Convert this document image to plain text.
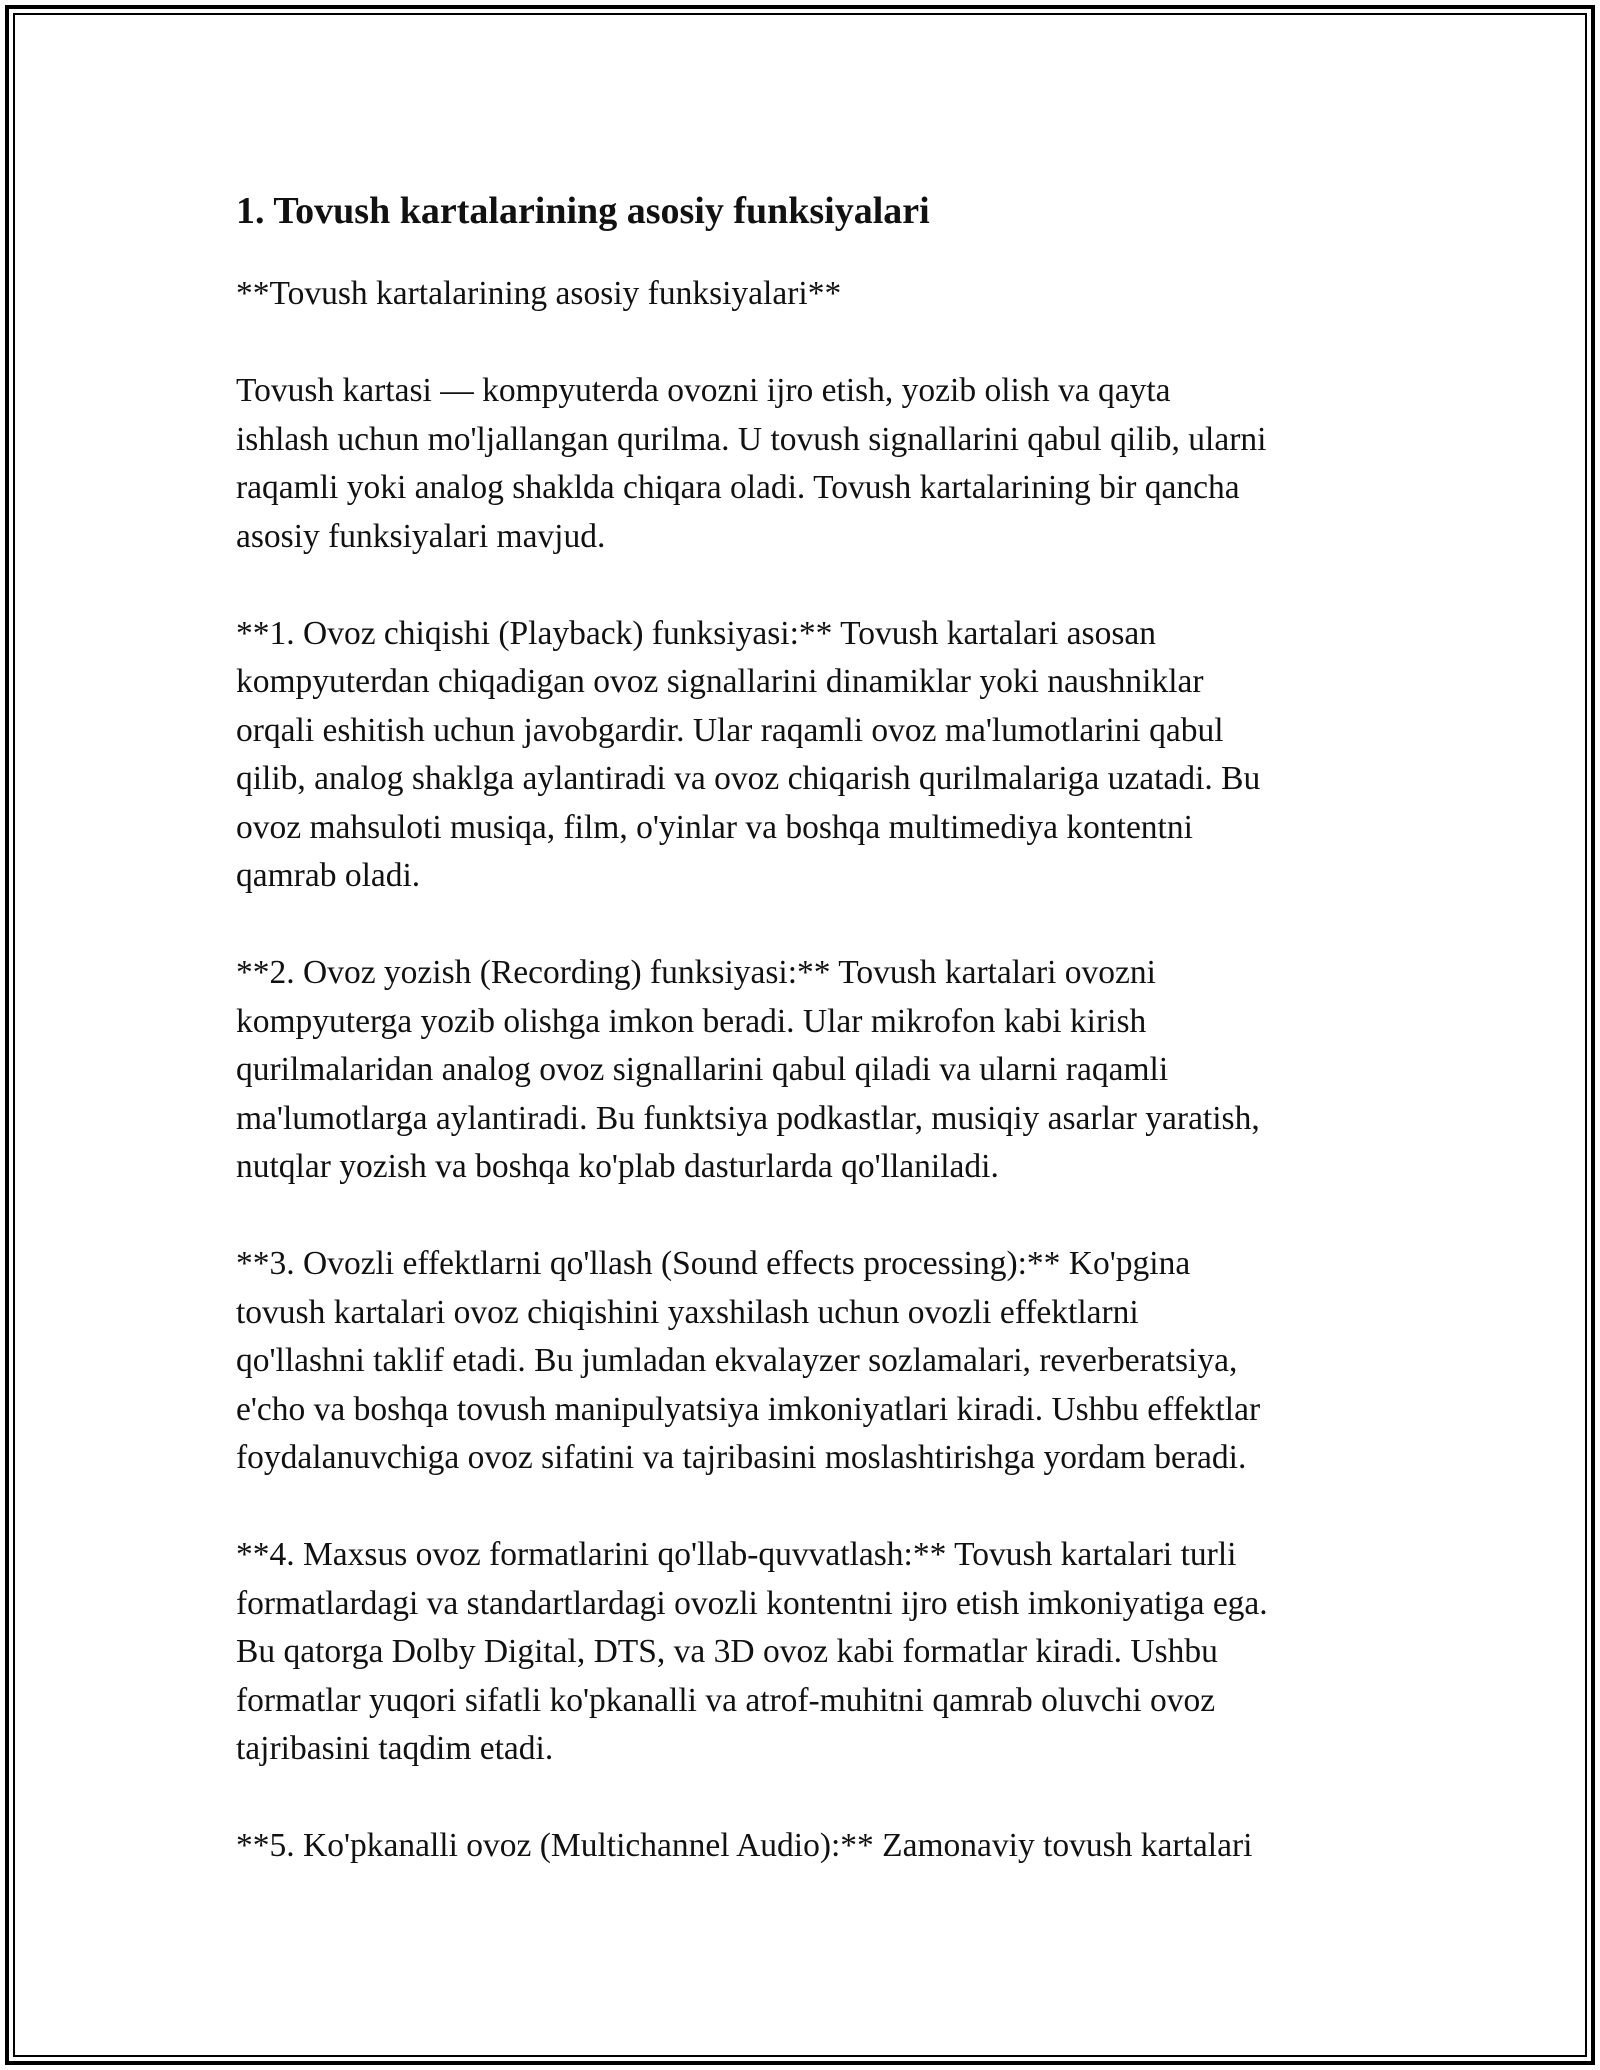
1. Tovush kartalarining asosiy funksiyalari
**Tovush kartalarining asosiy funksiyalari**
Tovush kartasi — kompyuterda ovozni ijro etish, yozib olish va qayta
ishlash uchun mo'ljallangan qurilma. U tovush signallarini qabul qilib, ularni
raqamli yoki analog shaklda chiqara oladi. Tovush kartalarining bir qancha
asosiy funksiyalari mavjud.
**1. Ovoz chiqishi (Playback) funksiyasi:** Tovush kartalari asosan
kompyuterdan chiqadigan ovoz signallarini dinamiklar yoki naushniklar
orqali eshitish uchun javobgardir. Ular raqamli ovoz ma'lumotlarini qabul
qilib, analog shaklga aylantiradi va ovoz chiqarish qurilmalariga uzatadi. Bu
ovoz mahsuloti musiqa, film, o'yinlar va boshqa multimediya kontentni
qamrab oladi.
**2. Ovoz yozish (Recording) funksiyasi:** Tovush kartalari ovozni
kompyuterga yozib olishga imkon beradi. Ular mikrofon kabi kirish
qurilmalaridan analog ovoz signallarini qabul qiladi va ularni raqamli
ma'lumotlarga aylantiradi. Bu funktsiya podkastlar, musiqiy asarlar yaratish,
nutqlar yozish va boshqa ko'plab dasturlarda qo'llaniladi.
**3. Ovozli effektlarni qo'llash (Sound effects processing):** Ko'pgina
tovush kartalari ovoz chiqishini yaxshilash uchun ovozli effektlarni
qo'llashni taklif etadi. Bu jumladan ekvalayzer sozlamalari, reverberatsiya,
e'cho va boshqa tovush manipulyatsiya imkoniyatlari kiradi. Ushbu effektlar
foydalanuvchiga ovoz sifatini va tajribasini moslashtirishga yordam beradi.
**4. Maxsus ovoz formatlarini qo'llab-quvvatlash:** Tovush kartalari turli
formatlardagi va standartlardagi ovozli kontentni ijro etish imkoniyatiga ega.
Bu qatorga Dolby Digital, DTS, va 3D ovoz kabi formatlar kiradi. Ushbu
formatlar yuqori sifatli ko'pkanalli va atrof-muhitni qamrab oluvchi ovoz
tajribasini taqdim etadi.
**5. Ko'pkanalli ovoz (Multichannel Audio):** Zamonaviy tovush kartalari
